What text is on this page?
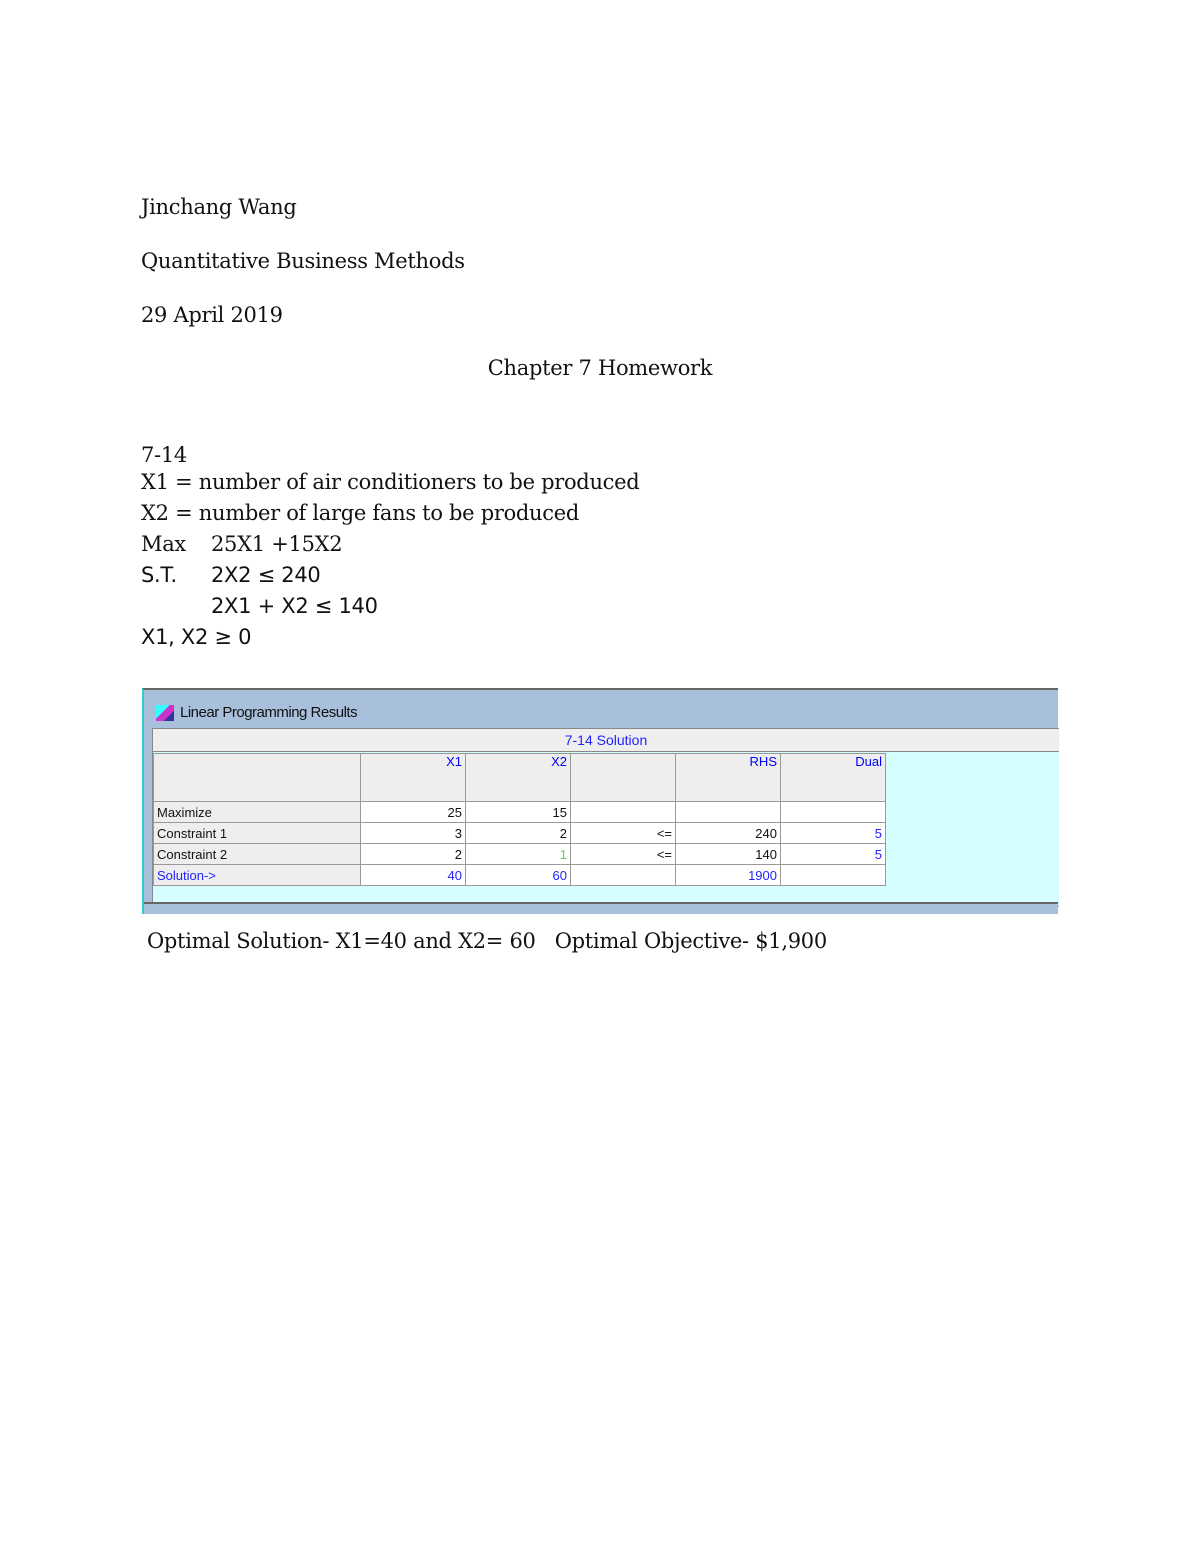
Jinchang Wang
Quantitative Business Methods
29 April 2019
Chapter 7 Homework
7-14
X1 = number of air conditioners to be produced
X2 = number of large fans to be produced
Max 25X1 +15X2
S.T. 2X2 ≤ 240
2X1 + X2 ≤ 140
X1, X2 ≥ 0
Linear Programming Results
7-14 Solution
	X1	X2		RHS	Dual
Maximize	25	15			
Constraint 1	3	2	<=	240	5
Constraint 2	2	1	<=	140	5
Solution->	40	60		1900	
Optimal Solution- X1=40 and X2= 60   Optimal Objective- $1,900
